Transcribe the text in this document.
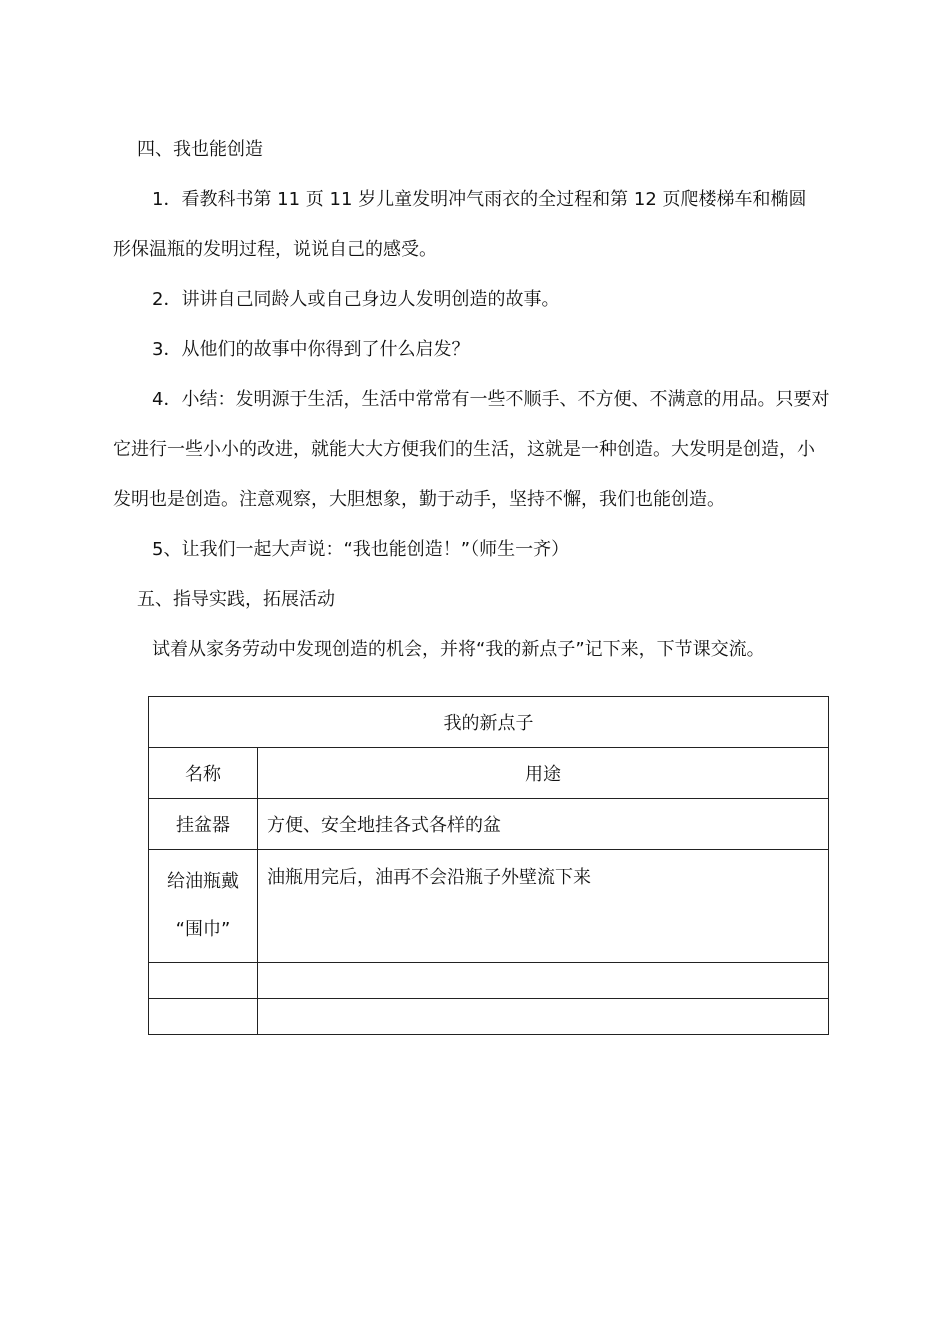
四、我也能创造
1．看教科书第 11 页 11 岁儿童发明冲气雨衣的全过程和第 12 页爬楼梯车和椭圆
形保温瓶的发明过程，说说自己的感受。
2．讲讲自己同龄人或自己身边人发明创造的故事。
3．从他们的故事中你得到了什么启发？
4．小结：发明源于生活，生活中常常有一些不顺手、不方便、不满意的用品。只要对
它进行一些小小的改进，就能大大方便我们的生活，这就是一种创造。大发明是创造，小
发明也是创造。注意观察，大胆想象，勤于动手，坚持不懈，我们也能创造。
5、让我们一起大声说：“我也能创造！”（师生一齐）
五、指导实践，拓展活动
试着从家务劳动中发现创造的机会，并将“我的新点子”记下来，下节课交流。
我的新点子	
名称	用途
挂盆器	方便、安全地挂各式各样的盆

给油瓶戴
“围巾”	油瓶用完后，油再不会沿瓶子外壁流下来
